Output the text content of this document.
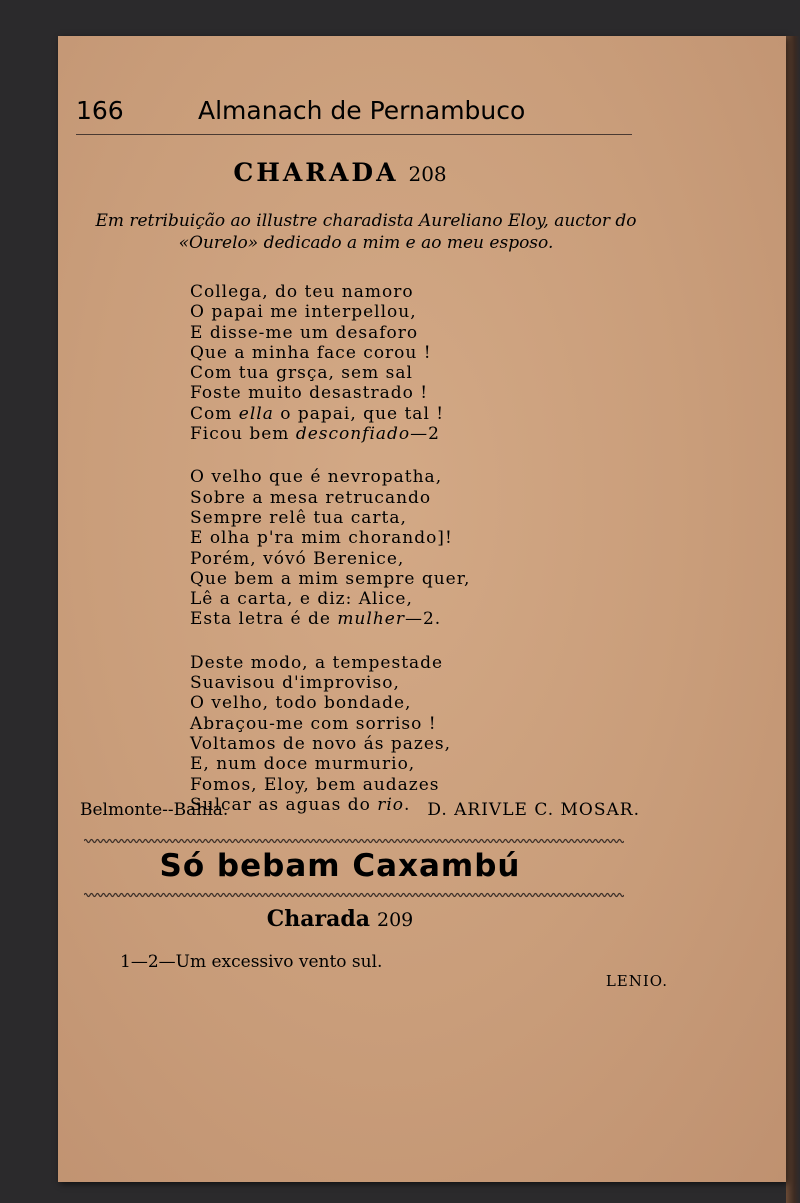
166	Almanach de Pernambuco
CHARADA 208
Em retribuição ao illustre charadista Aureliano Eloy, auctor do «Ourelo» dedicado a mim e ao meu esposo.
Collega, do teu namoro
O papai me interpellou,
E disse-me um desaforo
Que a minha face corou !
Com tua grsça, sem sal
Foste muito desastrado !
Com ella o papai, que tal !
Ficou bem desconfiado—2
O velho que é nevropatha,
Sobre a mesa retrucando
Sempre relê tua carta,
E olha p'ra mim chorando]!
Porém, vóvó Berenice,
Que bem a mim sempre quer,
Lê a carta, e diz: Alice,
Esta letra é de mulher—2.
Deste modo, a tempestade
Suavisou d'improviso,
O velho, todo bondade,
Abraçou-me com sorriso !
Voltamos de novo ás pazes,
E, num doce murmurio,
Fomos, Eloy, bem audazes
Sulcar as aguas do rio.
Belmonte--Bahia.	D. ARIVLE C. MOSAR.
Só bebam Caxambú
Charada 209
1—2—Um excessivo vento sul.
LENIO.
